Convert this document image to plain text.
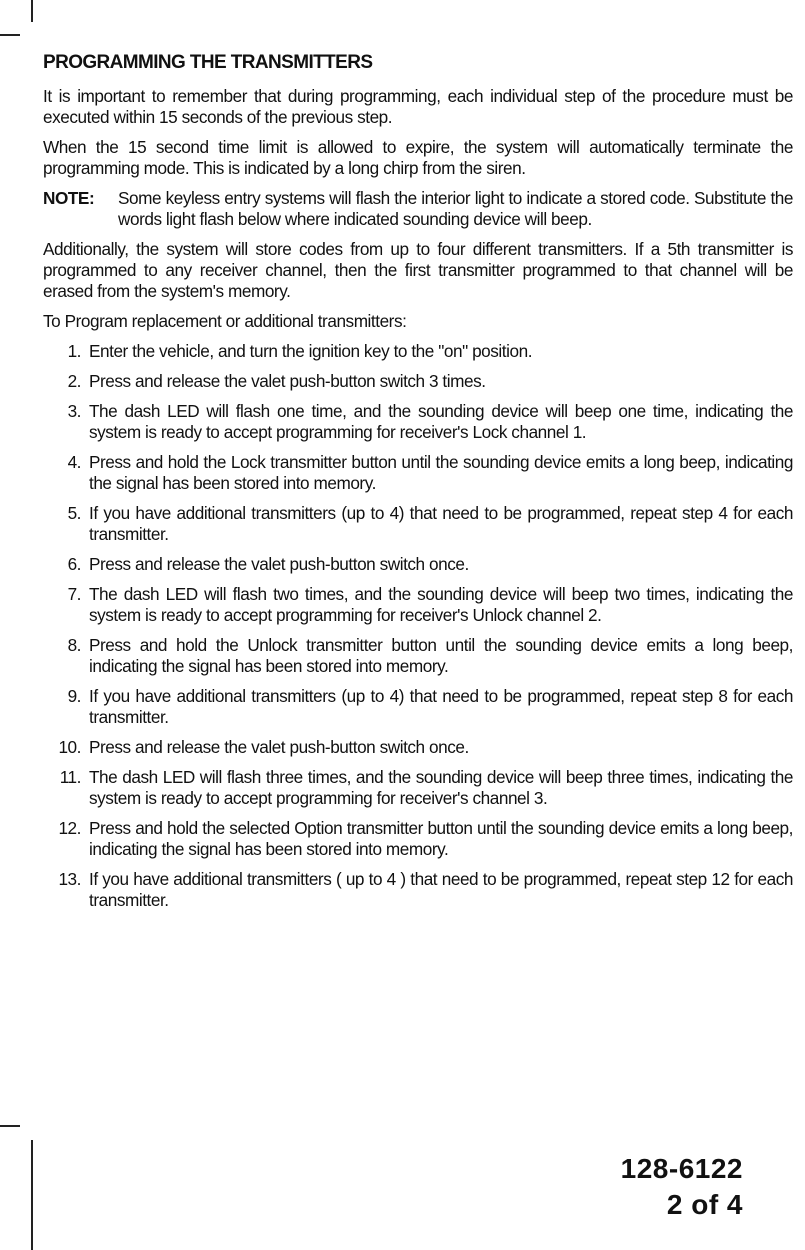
PROGRAMMING THE TRANSMITTERS

It is important to remember that during programming, each individual step of the procedure must be executed within 15 seconds of the previous step.

When the 15 second time limit is allowed to expire, the system will automatically terminate the programming mode. This is indicated by a long chirp from the siren.

NOTE:	Some keyless entry systems will flash the interior light to indicate a stored code. Substitute the words light flash below where indicated sounding device will beep.

Additionally, the system will store codes from up to four different transmitters. If a 5th transmitter is programmed to any receiver channel, then the first transmitter programmed to that channel will be erased from the system's memory.

To Program replacement or additional transmitters:

1. Enter the vehicle, and turn the ignition key to the "on" position.
2. Press and release the valet push-button switch 3 times.
3. The dash LED will flash one time, and the sounding device will beep one time, indicating the system is ready to accept programming for receiver's Lock channel 1.
4. Press and hold the Lock transmitter button until the sounding device emits a long beep, indicating the signal has been stored into memory.
5. If you have additional transmitters (up to 4) that need to be programmed, repeat step 4 for each transmitter.
6. Press and release the valet push-button switch once.
7. The dash LED will flash two times, and the sounding device will beep two times, indicating the system is ready to accept programming for receiver's Unlock channel 2.
8. Press and hold the Unlock transmitter button until the sounding device emits a long beep, indicating the signal has been stored into memory.
9. If you have additional transmitters (up to 4) that need to be programmed, repeat step 8 for each transmitter.
10. Press and release the valet push-button switch once.
11. The dash LED will flash three times, and the sounding device will beep three times, indicating the system is ready to accept programming for receiver's channel 3.
12. Press and hold the selected Option transmitter button until the sounding device emits a long beep, indicating the signal has been stored into memory.
13. If you have additional transmitters ( up to 4 ) that need to be programmed, repeat step 12 for each transmitter.
128-6122
2 of 4
